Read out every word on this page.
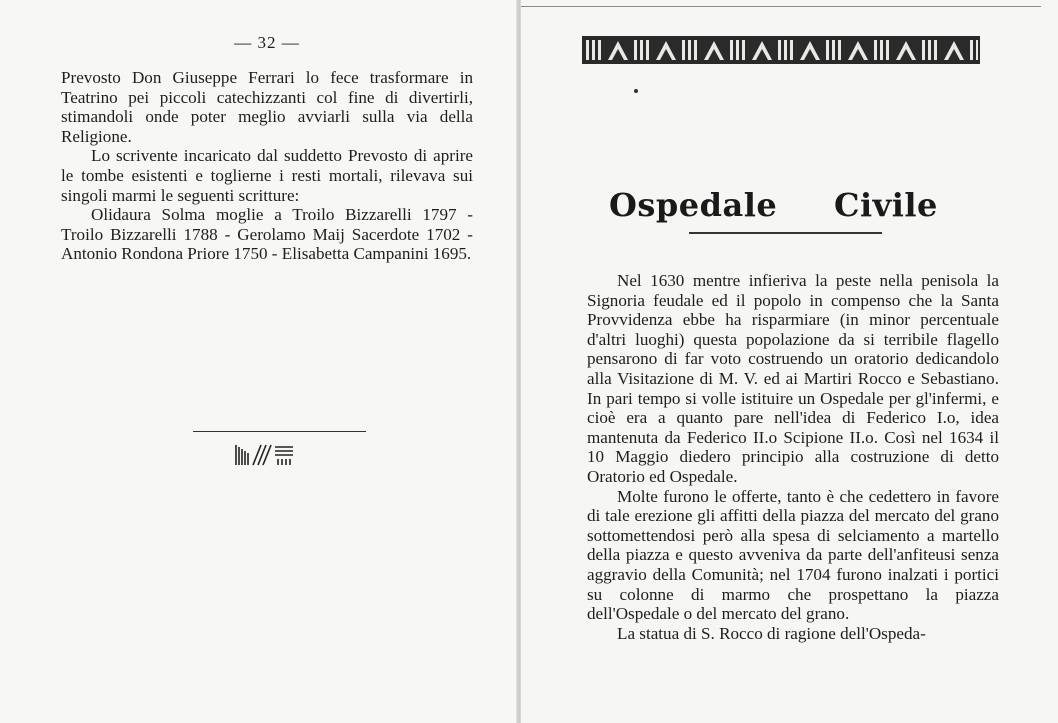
— 32 —

Prevosto Don Giuseppe Ferrari lo fece trasformare in Teatrino pei piccoli catechizzanti col fine di divertirli, stimandoli onde poter meglio avviarli sulla via della Religione.

Lo scrivente incaricato dal suddetto Prevosto di aprire le tombe esistenti e toglierne i resti mortali, rilevava sui singoli marmi le seguenti scritture:

Olidaura Solma moglie a Troilo Bizzarelli 1797 - Troilo Bizzarelli 1788 - Gerolamo Maij Sacerdote 1702 - Antonio Rondona Priore 1750 - Elisabetta Campanini 1695.

Ospedale Civile

Nel 1630 mentre infieriva la peste nella penisola la Signoria feudale ed il popolo in compenso che la Santa Provvidenza ebbe ha risparmiare (in minor percentuale d'altri luoghi) questa popolazione da si terribile flagello pensarono di far voto costruendo un oratorio dedicandolo alla Visitazione di M. V. ed ai Martiri Rocco e Sebastiano. In pari tempo si volle istituire un Ospedale per gl'infermi, e cioè era a quanto pare nell'idea di Federico I.o, idea mantenuta da Federico II.o Scipione II.o. Così nel 1634 il 10 Maggio diedero principio alla costruzione di detto Oratorio ed Ospedale.

Molte furono le offerte, tanto è che cedettero in favore di tale erezione gli affitti della piazza del mercato del grano sottomettendosi però alla spesa di selciamento a martello della piazza e questo avveniva da parte dell'anfiteusi senza aggravio della Comunità; nel 1704 furono inalzati i portici su colonne di marmo che prospettano la piazza dell'Ospedale o del mercato del grano.

La statua di S. Rocco di ragione dell'Ospeda-
